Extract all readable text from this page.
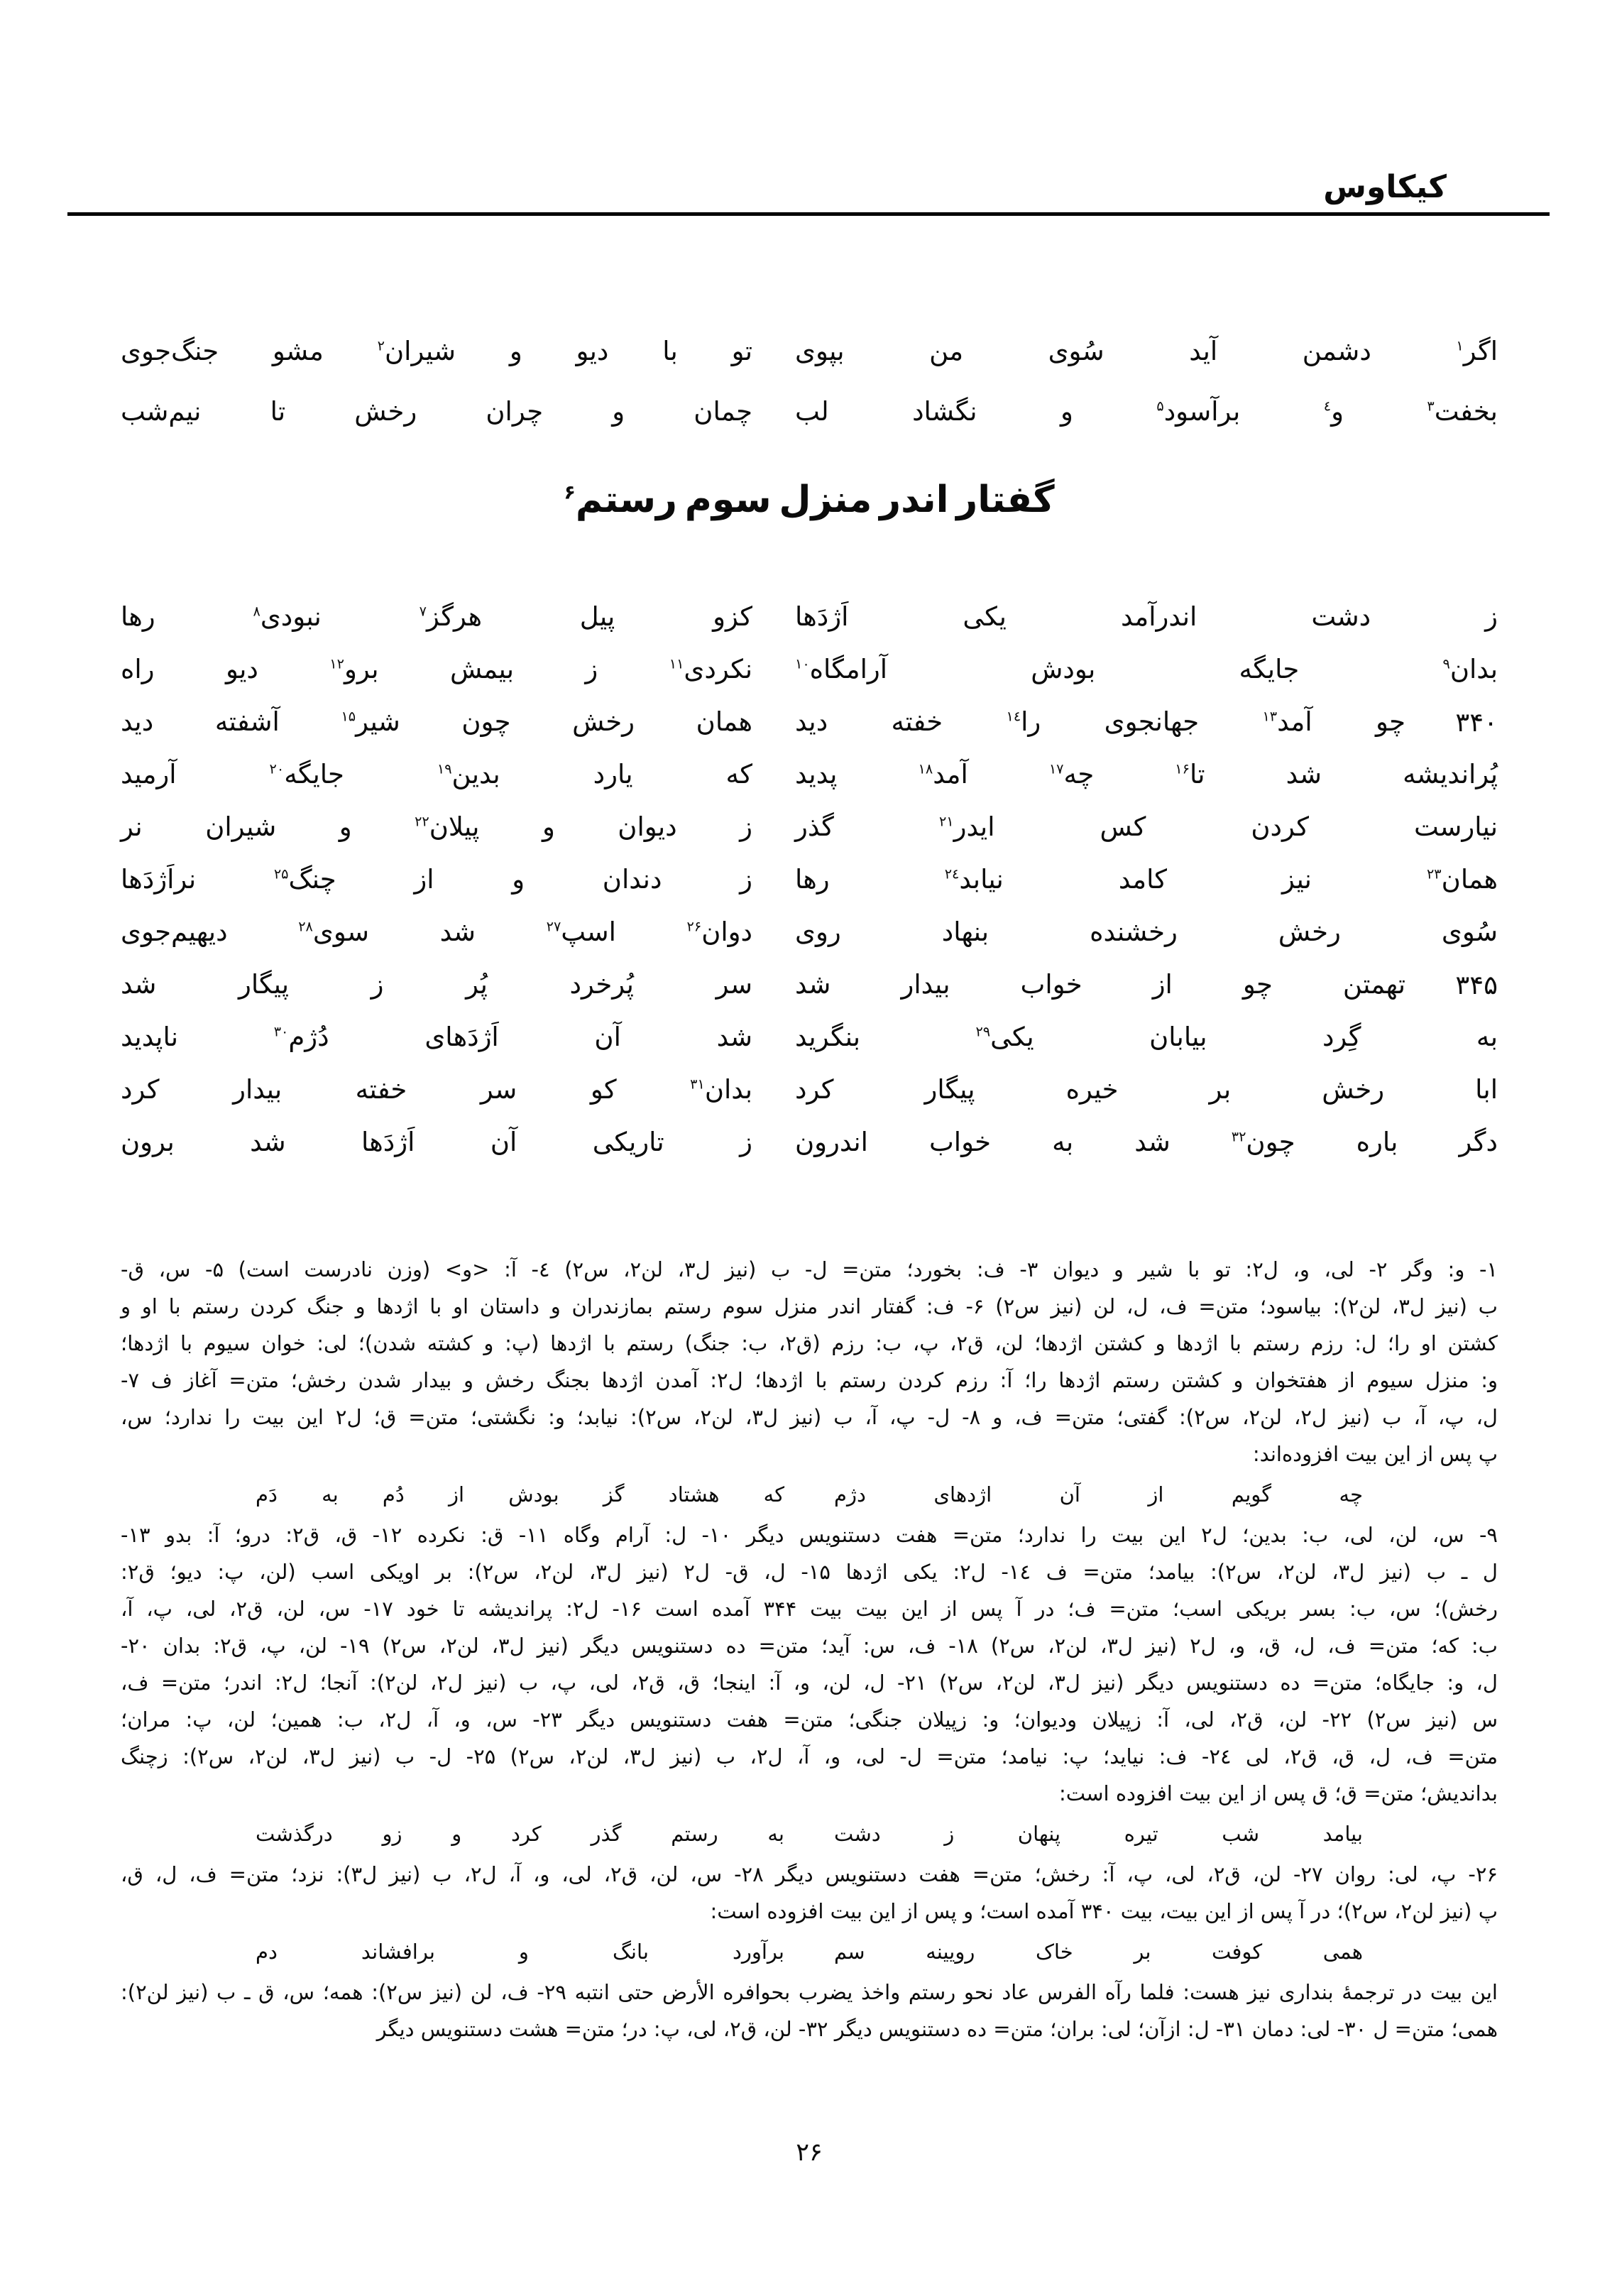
کیکاوس
اگر$^۱$ دشمن آید سُوی من بپوی
تو با دیو و شیران$^۲$ مشو جنگ‌جوی
بخفت$^۳$ و$^٤$ برآسود$^۵$ و نگشاد لب
چمان و چران رخش تا نیم‌شب
گفتار اندر منزل سوم رستم$^۶$
ز دشت اندرآمد یکی اَژدَها
کزو پیل هرگز$^۷$ نبودی$^۸$ رها
بدان$^۹$ جایگه بودش آرامگاه$^{۱۰}$
نکردی$^{۱۱}$ ز بیمش برو$^{۱۲}$ دیو راه
۳۴۰
چو آمد$^{۱۳}$ جهانجوی را$^{۱٤}$ خفته دید
همان رخش چون شیر$^{۱۵}$ آشفته دید
پُراندیشه شد تا$^{۱۶}$ چه$^{۱۷}$ آمد$^{۱۸}$ پدید
که یارد بدین$^{۱۹}$ جایگه$^{۲۰}$ آرمید
نیارست کردن کس ایدر$^{۲۱}$ گذر
ز دیوان و پیلان$^{۲۲}$ و شیران نر
همان$^{۲۳}$ نیز کامد نیابد$^{۲٤}$ رها
ز دندان و از چنگ$^{۲۵}$ نراَژدَها
سُوی رخش رخشنده بنهاد روی
دوان$^{۲۶}$ اسپ$^{۲۷}$ شد سوی$^{۲۸}$ دیهیم‌جوی
۳۴۵
تهمتن چو از خواب بیدار شد
سر پُرخرد پُر ز پیگار شد
به گِرد بیابان یکی$^{۲۹}$ بنگرید
شد آن اَژدَهای دُژم$^{۳۰}$ ناپدید
ابا رخش بر خیره پیگار کرد
بدان$^{۳۱}$ کو سر خفته بیدار کرد
دگر باره چون$^{۳۲}$ شد به خواب اندرون
ز تاریکی آن اَژدَها شد برون
۱- و: وگر ۲- لی، و، ل۲: تو با شیر و دیوان ۳- ف: بخورد؛ متن= ل- ب (نیز ل۳، لن۲، س۲) ٤- آ: <و> (وزن نادرست است) ۵- س، ق-
ب (نیز ل۳، لن۲): بیاسود؛ متن= ف، ل، لن (نیز س۲) ۶- ف: گفتار اندر منزل سوم رستم بمازندران و داستان او با اژدها و جنگ کردن رستم با او و
کشتن او را؛ ل: رزم رستم با اژدها و کشتن اژدها؛ لن، ق۲، پ، ب: رزم (ق۲، ب: جنگ) رستم با اژدها (پ: و کشته شدن)؛ لی: خوان سیوم با اژدها؛
و: منزل سیوم از هفتخوان و کشتن رستم اژدها را؛ آ: رزم کردن رستم با اژدها؛ ل۲: آمدن اژدها بجنگ رخش و بیدار شدن رخش؛ متن= آغاز ف ۷-
ل، پ، آ، ب (نیز ل۲، لن۲، س۲): گفتی؛ متن= ف، و ۸- ل- پ، آ، ب (نیز ل۳، لن۲، س۲): نیابد؛ و: نگشتی؛ متن= ق؛ ل۲ این بیت را ندارد؛ س،
پ پس از این بیت افزوده‌اند:
چه گویم از آن اژدهای دژم
که هشتاد گز بودش از دُم به دَم
۹- س، لن، لی، ب: بدین؛ ل۲ این بیت را ندارد؛ متن= هفت دستنویس دیگر ۱۰- ل: آرام وگاه ۱۱- ق: نکرده ۱۲- ق، ق۲: درو؛ آ: بدو ۱۳-
ل ـ ب (نیز ل۳، لن۲، س۲): بیامد؛ متن= ف ۱٤- ل۲: یکی اژدها ۱۵- ل، ق- ل۲ (نیز ل۳، لن۲، س۲): بر اویکی اسب (لن، پ: دیو؛ ق۲:
رخش)؛ س، ب: بسر بریکی اسب؛ متن= ف؛ در آ پس از این بیت بیت ۳۴۴ آمده است ۱۶- ل۲: پراندیشه تا خود ۱۷- س، لن، ق۲، لی، پ، آ،
ب: که؛ متن= ف، ل، ق، و، ل۲ (نیز ل۳، لن۲، س۲) ۱۸- ف، س: آید؛ متن= ده دستنویس دیگر (نیز ل۳، لن۲، س۲) ۱۹- لن، پ، ق۲: بدان ۲۰-
ل، و: جایگاه؛ متن= ده دستنویس دیگر (نیز ل۳، لن۲، س۲) ۲۱- ل، لن، و، آ: اینجا؛ ق، ق۲، لی، پ، ب (نیز ل۲، لن۲): آنجا؛ ل۲: اندر؛ متن= ف،
س (نیز س۲) ۲۲- لن، ق۲، لی، آ: زپیلان ودیوان؛ و: زپیلان جنگی؛ متن= هفت دستنویس دیگر ۲۳- س، و، آ، ل۲، ب: همین؛ لن، پ: مران؛
متن= ف، ل، ق، ق۲، لی ۲٤- ف: نیاید؛ پ: نیامد؛ متن= ل- لی، و، آ، ل۲، ب (نیز ل۳، لن۲، س۲) ۲۵- ل- ب (نیز ل۳، لن۲، س۲): زچنگ
بداندیش؛ متن= ق؛ ق پس از این بیت افزوده است:
بیامد شب تیره پنهان ز دشت
به رستم گذر کرد و زو درگذشت
۲۶- پ، لی: روان ۲۷- لن، ق۲، لی، پ، آ: رخش؛ متن= هفت دستنویس دیگر ۲۸- س، لن، ق۲، لی، و، آ، ل۲، ب (نیز ل۳): نزد؛ متن= ف، ل، ق،
پ (نیز لن۲، س۲)؛ در آ پس از این بیت، بیت ۳۴۰ آمده است؛ و پس از این بیت افزوده است:
همی کوفت بر خاک رویینه سم
برآورد بانگ و برافشاند دم
این بیت در ترجمهٔ بنداری نیز هست: فلما رآه الفرس عاد نحو رستم واخذ یضرب بحوافره الأرض حتی انتبه ۲۹- ف، لن (نیز س۲): همه؛ س، ق ـ ب (نیز لن۲):
همی؛ متن= ل ۳۰- لی: دمان ۳۱- ل: ازآن؛ لی: بران؛ متن= ده دستنویس دیگر ۳۲- لن، ق۲، لی، پ: در؛ متن= هشت دستنویس دیگر
۲۶
